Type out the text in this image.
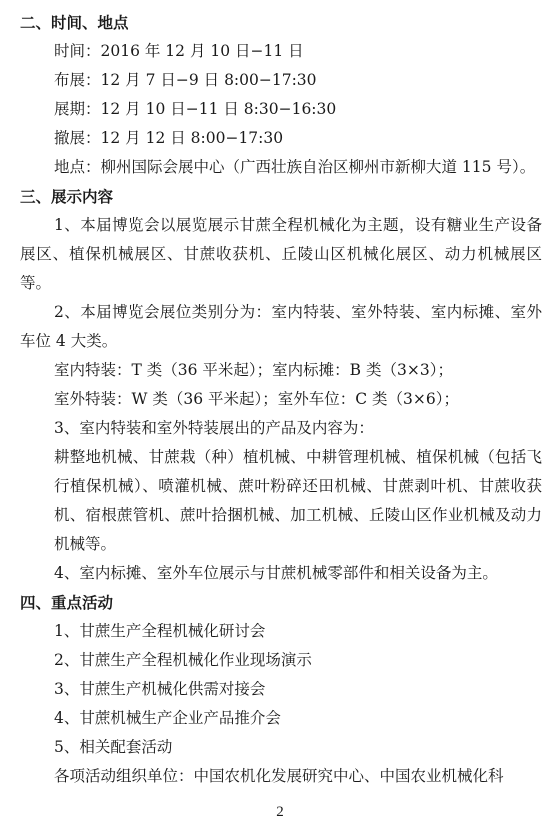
二、时间、地点
时间：2016 年 12 月 10 日−11 日
布展：12 月 7 日−9 日 8:00−17:30
展期：12 月 10 日−11 日 8:30−16:30
撤展：12 月 12 日 8:00−17:30
地点：柳州国际会展中心（广西壮族自治区柳州市新柳大道 115 号）。
三、展示内容
1、本届博览会以展览展示甘蔗全程机械化为主题，设有糖业生产设备展区、植保机械展区、甘蔗收获机、丘陵山区机械化展区、动力机械展区等。
2、本届博览会展位类别分为：室内特装、室外特装、室内标摊、室外车位 4 大类。
室内特装：T 类（36 平米起）；室内标摊：B 类（3×3）；
室外特装：W 类（36 平米起）；室外车位：C 类（3×6）；
3、室内特装和室外特装展出的产品及内容为：
耕整地机械、甘蔗栽（种）植机械、中耕管理机械、植保机械（包括飞行植保机械）、喷灌机械、蔗叶粉碎还田机械、甘蔗剥叶机、甘蔗收获机、宿根蔗管机、蔗叶拾捆机械、加工机械、丘陵山区作业机械及动力机械等。
4、室内标摊、室外车位展示与甘蔗机械零部件和相关设备为主。
四、重点活动
1、甘蔗生产全程机械化研讨会
2、甘蔗生产全程机械化作业现场演示
3、甘蔗生产机械化供需对接会
4、甘蔗机械生产企业产品推介会
5、相关配套活动
各项活动组织单位：中国农机化发展研究中心、中国农业机械化科
2
